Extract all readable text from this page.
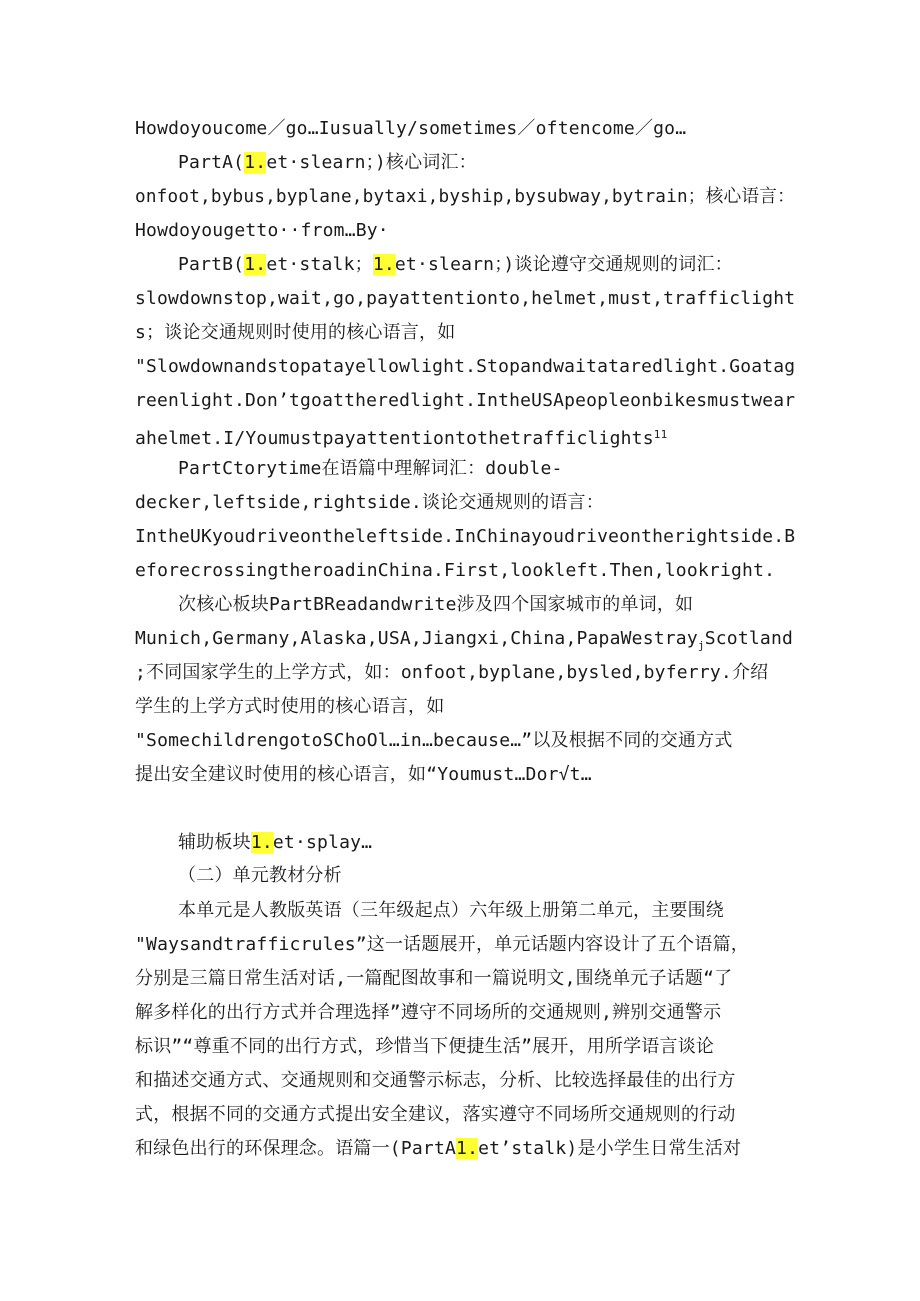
Howdoyoucome／go…Iusually/sometimes／oftencome／go…
PartA(1.et·slearn；)核心词汇：
onfoot,bybus,byplane,bytaxi,byship,bysubway,bytrain；核心语言：
Howdoyougetto··from…By·
PartB(1.et·stalk；1.et·slearn；)谈论遵守交通规则的词汇：
slowdownstop,wait,go,payattentionto,helmet,must,trafficlight
s；谈论交通规则时使用的核心语言，如
"Slowdownandstopatayellowlight.Stopandwaitataredlight.Goatag
reenlight.Don’tgoattheredlight.IntheUSApeopleonbikesmustwear
ahelmet.I/Youmustpayattentiontothetrafficlights$^{11}$
PartCtorytime在语篇中理解词汇：double-
decker,leftside,rightside.谈论交通规则的语言：
IntheUKyoudriveontheleftside.InChinayoudriveontherightside.B
eforecrossingtheroadinChina.First,lookleft.Then,lookright.
次核心板块PartBReadandwrite涉及四个国家城市的单词，如
Munich,Germany,Alaska,USA,Jiangxi,China,PapaWestray$_j$Scotland
;不同国家学生的上学方式，如：onfoot,byplane,bysled,byferry.介绍
学生的上学方式时使用的核心语言，如
"SomechildrengotoSChoOl…in…because…”以及根据不同的交通方式
提出安全建议时使用的核心语言，如“Youmust…Dor√t…
辅助板块1.et·splay…
（二）单元教材分析
本单元是人教版英语（三年级起点）六年级上册第二单元，主要围绕
"Waysandtrafficrules”这一话题展开，单元话题内容设计了五个语篇，
分别是三篇日常生活对话,一篇配图故事和一篇说明文,围绕单元子话题“了
解多样化的出行方式并合理选择”遵守不同场所的交通规则,辨别交通警示
标识”“尊重不同的出行方式，珍惜当下便捷生活”展开，用所学语言谈论
和描述交通方式、交通规则和交通警示标志，分析、比较选择最佳的出行方
式，根据不同的交通方式提出安全建议，落实遵守不同场所交通规则的行动
和绿色出行的环保理念。语篇一(PartA1.et’stalk)是小学生日常生活对
